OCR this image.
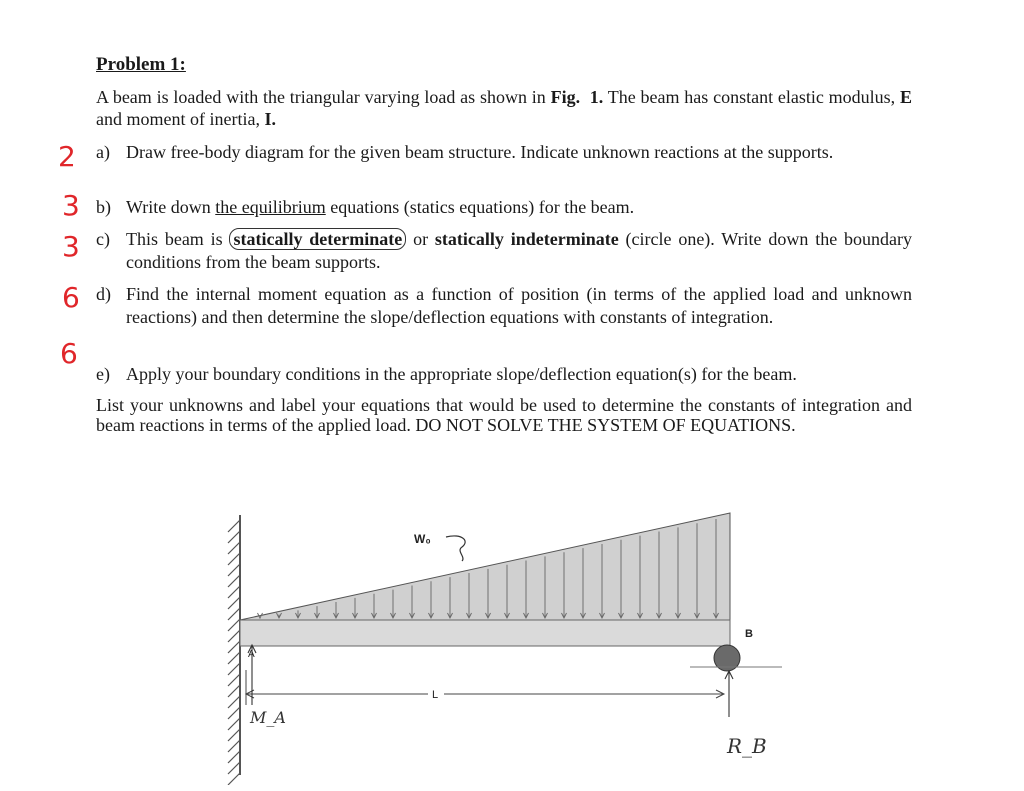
Problem 1:
A beam is loaded with the triangular varying load as shown in Fig. 1. The beam has constant elastic modulus, E and moment of inertia, I.
2
3
3
6
6
a) Draw free-body diagram for the given beam structure. Indicate unknown reactions at the supports.
b) Write down the equilibrium equations (statics equations) for the beam.
c) This beam is statically determinate or statically indeterminate (circle one). Write down the boundary conditions from the beam supports.
d) Find the internal moment equation as a function of position (in terms of the applied load and unknown reactions) and then determine the slope/deflection equations with constants of integration.
e) Apply your boundary conditions in the appropriate slope/deflection equation(s) for the beam.
List your unknowns and label your equations that would be used to determine the constants of integration and beam reactions in terms of the applied load. DO NOT SOLVE THE SYSTEM OF EQUATIONS.
L
W₀
B
A
M_A
R_B
